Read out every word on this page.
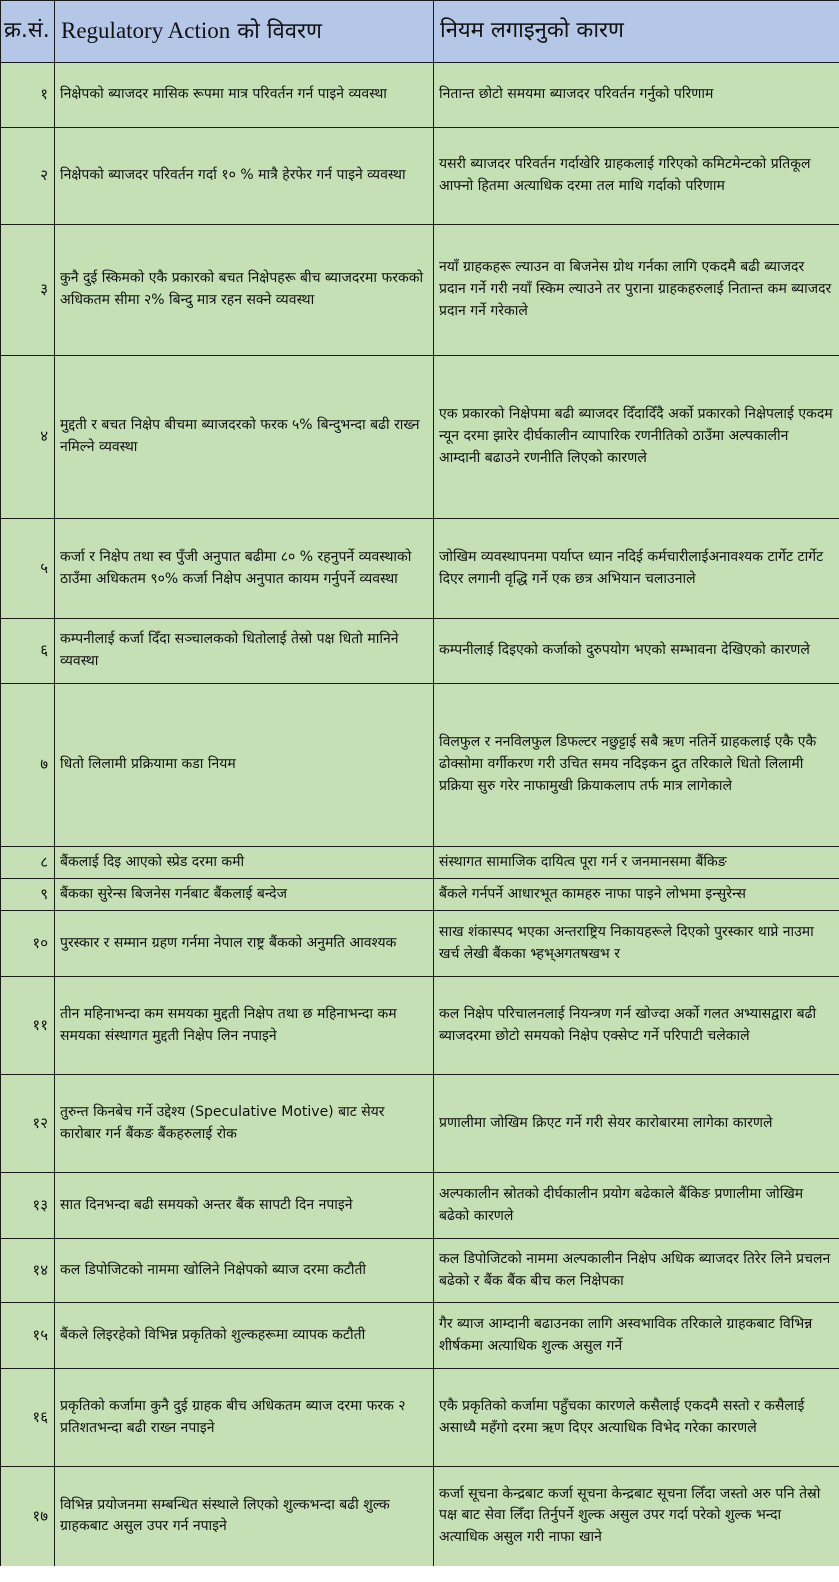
क्र.सं.	Regulatory Action को विवरण	नियम लगाइनुको कारण
१	निक्षेपको ब्याजदर मासिक रूपमा मात्र परिवर्तन गर्न पाइने व्यवस्था	नितान्त छोटो समयमा ब्याजदर परिवर्तन गर्नुको परिणाम
२	निक्षेपको ब्याजदर परिवर्तन गर्दा १० % मात्रै हेरफेर गर्न पाइने व्यवस्था	यसरी ब्याजदर परिवर्तन गर्दाखेरि ग्राहकलाई गरिएको कमिटमेन्टको प्रतिकूल आफ्नो हितमा अत्याधिक दरमा तल माथि गर्दाको परिणाम
३	कुनै दुई स्किमको एकै प्रकारको बचत निक्षेपहरू बीच ब्याजदरमा फरकको अधिकतम सीमा २% बिन्दु मात्र रहन सक्ने व्यवस्था	नयाँ ग्राहकहरू ल्याउन वा बिजनेस ग्रोथ गर्नका लागि एकदमै बढी ब्याजदर प्रदान गर्ने गरी नयाँ स्किम ल्याउने तर पुराना ग्राहकहरुलाई नितान्त कम ब्याजदर प्रदान गर्ने गरेकाले
४	मुद्दती र बचत निक्षेप बीचमा ब्याजदरको फरक ५% बिन्दुभन्दा बढी राख्न नमिल्ने व्यवस्था	एक प्रकारको निक्षेपमा बढी ब्याजदर दिँदादिँदै अर्को प्रकारको निक्षेपलाई एकदम न्यून दरमा झारेर दीर्घकालीन व्यापारिक रणनीतिको ठाउँमा अल्पकालीन आम्दानी बढाउने रणनीति लिएको कारणले
५	कर्जा र निक्षेप तथा स्व पुँजी अनुपात बढीमा ८० % रहनुपर्ने व्यवस्थाको ठाउँमा अधिकतम ९०% कर्जा निक्षेप अनुपात कायम गर्नुपर्ने व्यवस्था	जोखिम व्यवस्थापनमा पर्याप्त ध्यान नदिई कर्मचारीलाईअनावश्यक टार्गेट टार्गेट दिएर लगानी वृद्धि गर्ने एक छत्र अभियान चलाउनाले
६	कम्पनीलाई कर्जा दिँदा सञ्चालकको धितोलाई तेस्रो पक्ष धितो मानिने व्यवस्था	कम्पनीलाई दिइएको कर्जाको दुरुपयोग भएको सम्भावना देखिएको कारणले
७	धितो लिलामी प्रक्रियामा कडा नियम	विलफुल र ननविलफुल डिफल्टर नछुट्टाई सबै ऋण नतिर्ने ग्राहकलाई एकै एकै ढोक्सोमा वर्गीकरण गरी उचित समय नदिइकन द्रुत तरिकाले धितो लिलामी प्रक्रिया सुरु गरेर नाफामुखी क्रियाकलाप तर्फ मात्र लागेकाले
८	बैंकलाई दिइ आएको स्प्रेड दरमा कमी	संस्थागत सामाजिक दायित्व पूरा गर्न र जनमानसमा बैंकिङ
९	बैंकका सुरेन्स बिजनेस गर्नबाट बैंकलाई बन्देज	बैंकले गर्नपर्ने आधारभूत कामहरु नाफा पाइने लोभमा इन्सुरेन्स
१०	पुरस्कार र सम्मान ग्रहण गर्नमा नेपाल राष्ट्र बैंकको अनुमति आवश्यक	साख शंकास्पद भएका अन्तराष्ट्रिय निकायहरूले दिएको पुरस्कार थाप्ने नाउमा खर्च लेखी बैंकका भ्हभ्अगतषखभ र
११	तीन महिनाभन्दा कम समयका मुद्दती निक्षेप तथा छ महिनाभन्दा कम समयका संस्थागत मुद्दती निक्षेप लिन नपाइने	कल निक्षेप परिचालनलाई नियन्त्रण गर्न खोज्दा अर्को गलत अभ्यासद्वारा बढी ब्याजदरमा छोटो समयको निक्षेप एक्सेप्ट गर्ने परिपाटी चलेकाले
१२	तुरुन्त किनबेच गर्ने उद्देश्य (Speculative Motive) बाट सेयर कारोबार गर्न बैंकङ बैंकहरुलाई रोक	प्रणालीमा जोखिम क्रिएट गर्ने गरी सेयर कारोबारमा लागेका कारणले
१३	सात दिनभन्दा बढी समयको अन्तर बैंक सापटी दिन नपाइने	अल्पकालीन स्रोतको दीर्घकालीन प्रयोग बढेकाले बैंकिङ प्रणालीमा जोखिम बढेको कारणले
१४	कल डिपोजिटको नाममा खोलिने निक्षेपको ब्याज दरमा कटौती	कल डिपोजिटको नाममा अल्पकालीन निक्षेप अधिक ब्याजदर तिरेर लिने प्रचलन बढेको र बैंक बैंक बीच कल निक्षेपका
१५	बैंकले लिइरहेको विभिन्न प्रकृतिको शुल्कहरूमा व्यापक कटौती	गैर ब्याज आम्दानी बढाउनका लागि अस्वभाविक तरिकाले ग्राहकबाट विभिन्न शीर्षकमा अत्याधिक शुल्क असुल गर्ने
१६	प्रकृतिको कर्जामा कुनै दुई ग्राहक बीच अधिकतम ब्याज दरमा फरक २ प्रतिशतभन्दा बढी राख्न नपाइने	एकै प्रकृतिको कर्जामा पहुँचका कारणले कसैलाई एकदमै सस्तो र कसैलाई असाध्यै महँगो दरमा ऋण दिएर अत्याधिक विभेद गरेका कारणले
१७	विभिन्न प्रयोजनमा सम्बन्धित संस्थाले लिएको शुल्कभन्दा बढी शुल्क ग्राहकबाट असुल उपर गर्न नपाइने	कर्जा सूचना केन्द्रबाट कर्जा सूचना केन्द्रबाट सूचना लिँदा जस्तो अरु पनि तेस्रो पक्ष बाट सेवा लिँदा तिर्नुपर्ने शुल्क असुल उपर गर्दा परेको शुल्क भन्दा अत्याधिक असुल गरी नाफा खाने
